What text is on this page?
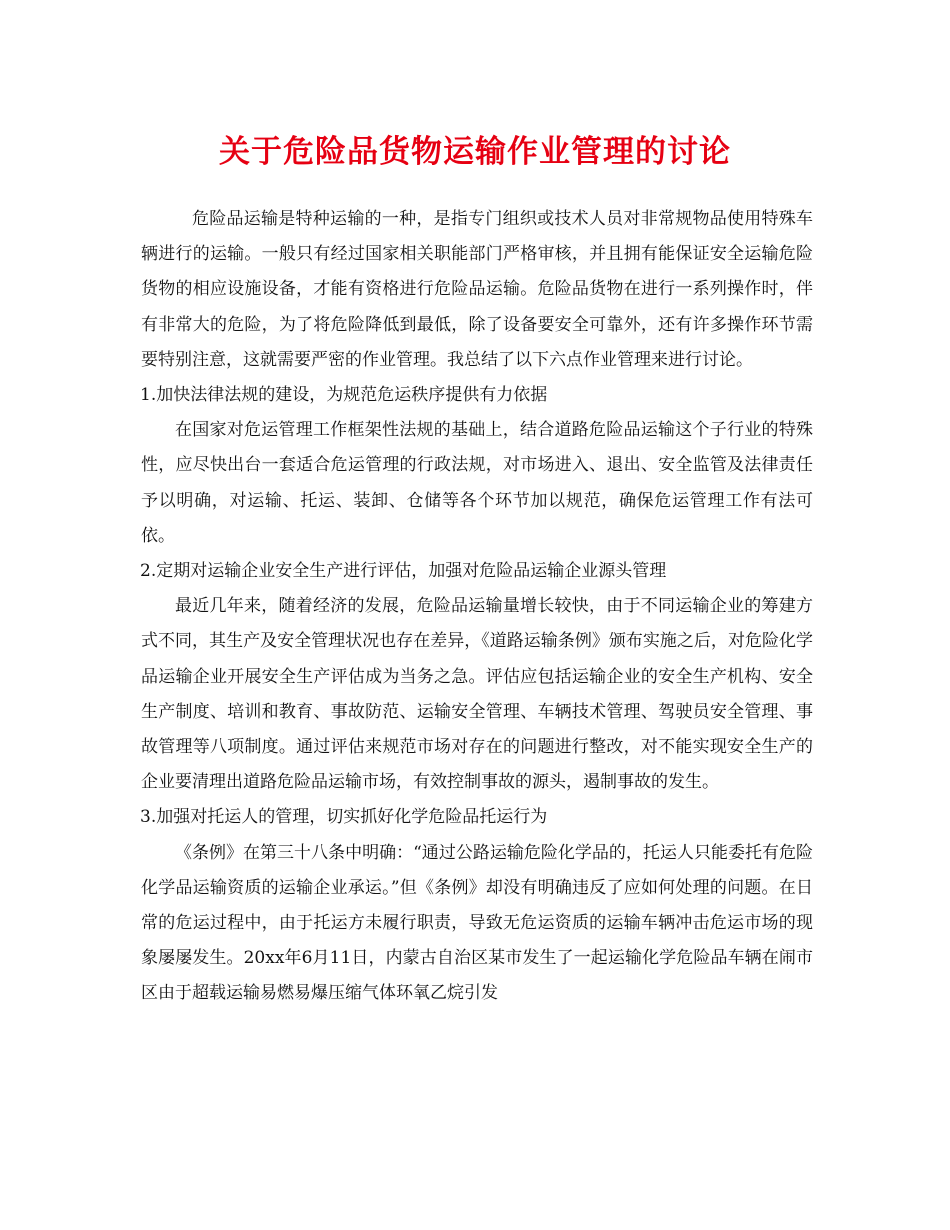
关于危险品货物运输作业管理的讨论

危险品运输是特种运输的一种，是指专门组织或技术人员对非常规物品使用特殊车辆进行的运输。一般只有经过国家相关职能部门严格审核，并且拥有能保证安全运输危险货物的相应设施设备，才能有资格进行危险品运输。危险品货物在进行一系列操作时，伴有非常大的危险，为了将危险降低到最低，除了设备要安全可靠外，还有许多操作环节需要特别注意，这就需要严密的作业管理。我总结了以下六点作业管理来进行讨论。

1.加快法律法规的建设，为规范危运秩序提供有力依据

在国家对危运管理工作框架性法规的基础上，结合道路危险品运输这个子行业的特殊性，应尽快出台一套适合危运管理的行政法规，对市场进入、退出、安全监管及法律责任予以明确，对运输、托运、装卸、仓储等各个环节加以规范，确保危运管理工作有法可依。

2.定期对运输企业安全生产进行评估，加强对危险品运输企业源头管理

最近几年来，随着经济的发展，危险品运输量增长较快，由于不同运输企业的筹建方式不同，其生产及安全管理状况也存在差异，《道路运输条例》颁布实施之后，对危险化学品运输企业开展安全生产评估成为当务之急。评估应包括运输企业的安全生产机构、安全生产制度、培训和教育、事故防范、运输安全管理、车辆技术管理、驾驶员安全管理、事故管理等八项制度。通过评估来规范市场对存在的问题进行整改，对不能实现安全生产的企业要清理出道路危险品运输市场，有效控制事故的源头，遏制事故的发生。

3.加强对托运人的管理，切实抓好化学危险品托运行为

《条例》在第三十八条中明确：“通过公路运输危险化学品的，托运人只能委托有危险化学品运输资质的运输企业承运。”但《条例》却没有明确违反了应如何处理的问题。在日常的危运过程中，由于托运方未履行职责，导致无危运资质的运输车辆冲击危运市场的现象屡屡发生。20xx年6月11日，内蒙古自治区某市发生了一起运输化学危险品车辆在闹市区由于超载运输易燃易爆压缩气体环氧乙烷引发
